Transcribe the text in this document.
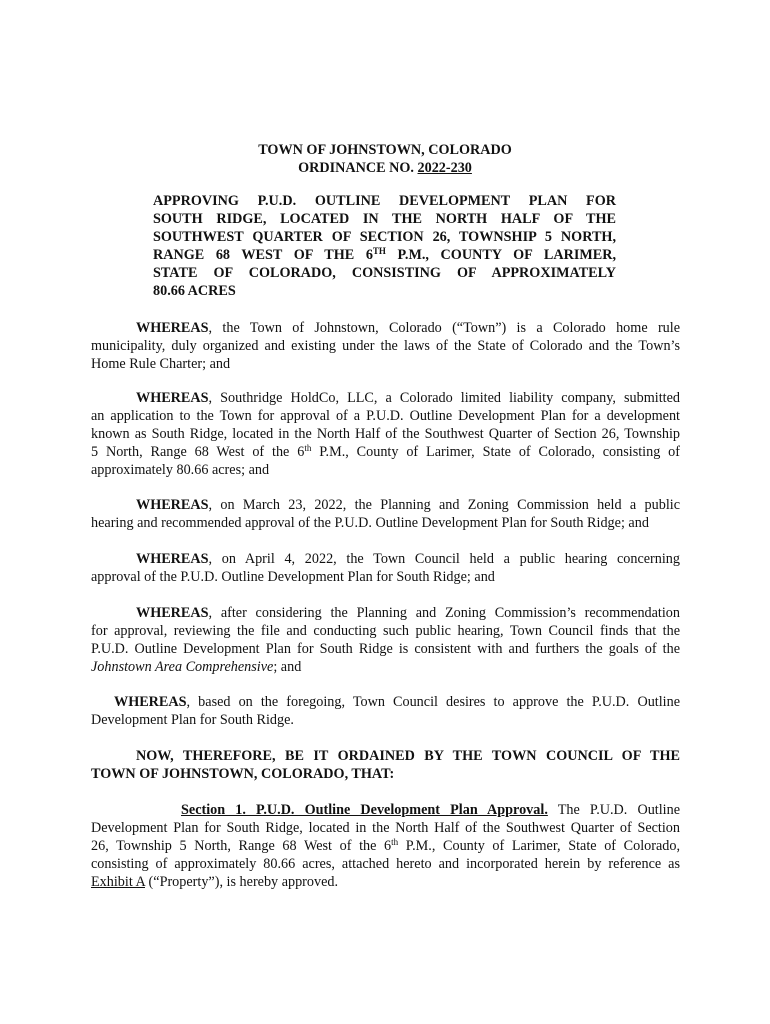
TOWN OF JOHNSTOWN, COLORADO
ORDINANCE NO. 2022-230
APPROVING P.U.D. OUTLINE DEVELOPMENT PLAN FOR
SOUTH RIDGE, LOCATED IN THE NORTH HALF OF THE
SOUTHWEST QUARTER OF SECTION 26, TOWNSHIP 5 NORTH,
RANGE 68 WEST OF THE 6TH P.M., COUNTY OF LARIMER,
STATE OF COLORADO, CONSISTING OF APPROXIMATELY
80.66 ACRES

WHEREAS, the Town of Johnstown, Colorado (“Town”) is a Colorado home rule
municipality, duly organized and existing under the laws of the State of Colorado and the Town’s
Home Rule Charter; and

WHEREAS, Southridge HoldCo, LLC, a Colorado limited liability company, submitted
an application to the Town for approval of a P.U.D. Outline Development Plan for a development
known as South Ridge, located in the North Half of the Southwest Quarter of Section 26, Township
5 North, Range 68 West of the 6th P.M., County of Larimer, State of Colorado, consisting of
approximately 80.66 acres; and

WHEREAS, on March 23, 2022, the Planning and Zoning Commission held a public
hearing and recommended approval of the P.U.D. Outline Development Plan for South Ridge; and

WHEREAS, on April 4, 2022, the Town Council held a public hearing concerning
approval of the P.U.D. Outline Development Plan for South Ridge; and

WHEREAS, after considering the Planning and Zoning Commission’s recommendation
for approval, reviewing the file and conducting such public hearing, Town Council finds that the
P.U.D. Outline Development Plan for South Ridge is consistent with and furthers the goals of the
Johnstown Area Comprehensive; and

WHEREAS, based on the foregoing, Town Council desires to approve the P.U.D. Outline
Development Plan for South Ridge.

NOW, THEREFORE, BE IT ORDAINED BY THE TOWN COUNCIL OF THE
TOWN OF JOHNSTOWN, COLORADO, THAT:

Section 1. P.U.D. Outline Development Plan Approval. The P.U.D. Outline
Development Plan for South Ridge, located in the North Half of the Southwest Quarter of Section
26, Township 5 North, Range 68 West of the 6th P.M., County of Larimer, State of Colorado,
consisting of approximately 80.66 acres, attached hereto and incorporated herein by reference as
Exhibit A (“Property”), is hereby approved.
